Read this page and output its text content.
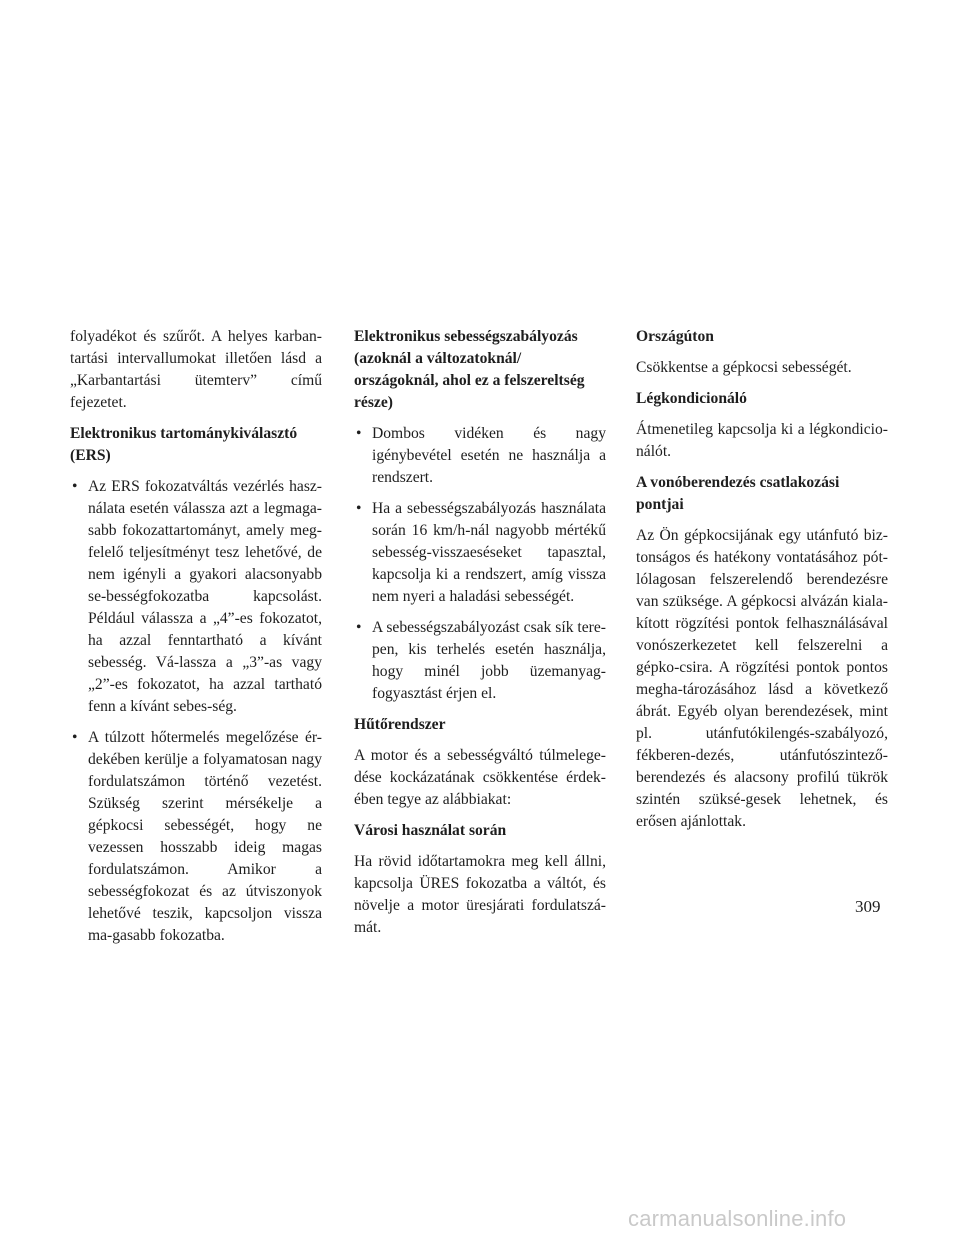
folyadékot és szűrőt. A helyes karban-tartási intervallumokat illetően lásd a „Karbantartási ütemterv” című fejezetet.

Elektronikus tartománykiválasztó (ERS)
• Az ERS fokozatváltás vezérlés hasz-nálata esetén válassza azt a legmaga-sabb fokozattartományt, amely meg-felelő teljesítményt tesz lehetővé, de nem igényli a gyakori alacsonyabb se-bességfokozatba kapcsolást. Például válassza a „4”-es fokozatot, ha azzal fenntartható a kívánt sebesség. Vá-lassza a „3”-as vagy „2”-es fokozatot, ha azzal tartható fenn a kívánt sebes-ség.
• A túlzott hőtermelés megelőzése ér-dekében kerülje a folyamatosan nagy fordulatszámon történő vezetést. Szükség szerint mérsékelje a gépkocsi sebességét, hogy ne vezessen hosszabb ideig magas fordulatszámon. Amikor a sebességfokozat és az útviszonyok lehetővé teszik, kapcsoljon vissza ma-gasabb fokozatba.
Elektronikus sebességszabályozás (azoknál a változatoknál/ országoknál, ahol ez a felszereltség része)
• Dombos vidéken és nagy igénybevétel esetén ne használja a rendszert.
• Ha a sebességszabályozás használata során 16 km/h-nál nagyobb mértékű sebesség-visszaeséseket tapasztal, kapcsolja ki a rendszert, amíg vissza nem nyeri a haladási sebességét.
• A sebességszabályozást csak sík tere-pen, kis terhelés esetén használja, hogy minél jobb üzemanyag-fogyasztást érjen el.
Hűtőrendszer

A motor és a sebességváltó túlmelege-dése kockázatának csökkentése érdek-ében tegye az alábbiakat:

Városi használat során

Ha rövid időtartamokra meg kell állni, kapcsolja ÜRES fokozatba a váltót, és növelje a motor üresjárati fordulatszá-mát.

Országúton

Csökkentse a gépkocsi sebességét.

Légkondicionáló

Átmenetileg kapcsolja ki a légkondicio-nálót.

A vonóberendezés csatlakozási pontjai

Az Ön gépkocsijának egy utánfutó biz-tonságos és hatékony vontatásához pót-lólagosan felszerelendő berendezésre van szüksége. A gépkocsi alvázán kiala-kított rögzítési pontok felhasználásával vonószerkezetet kell felszerelni a gépko-csira. A rögzítési pontok pontos megha-tározásához lásd a következő ábrát. Egyéb olyan berendezések, mint pl. utánfutókilengés-szabályozó, fékberen-dezés, utánfutószintező-berendezés és alacsony profilú tükrök szintén szüksé-gesek lehetnek, és erősen ajánlottak.

309
carmanualsonline.info
